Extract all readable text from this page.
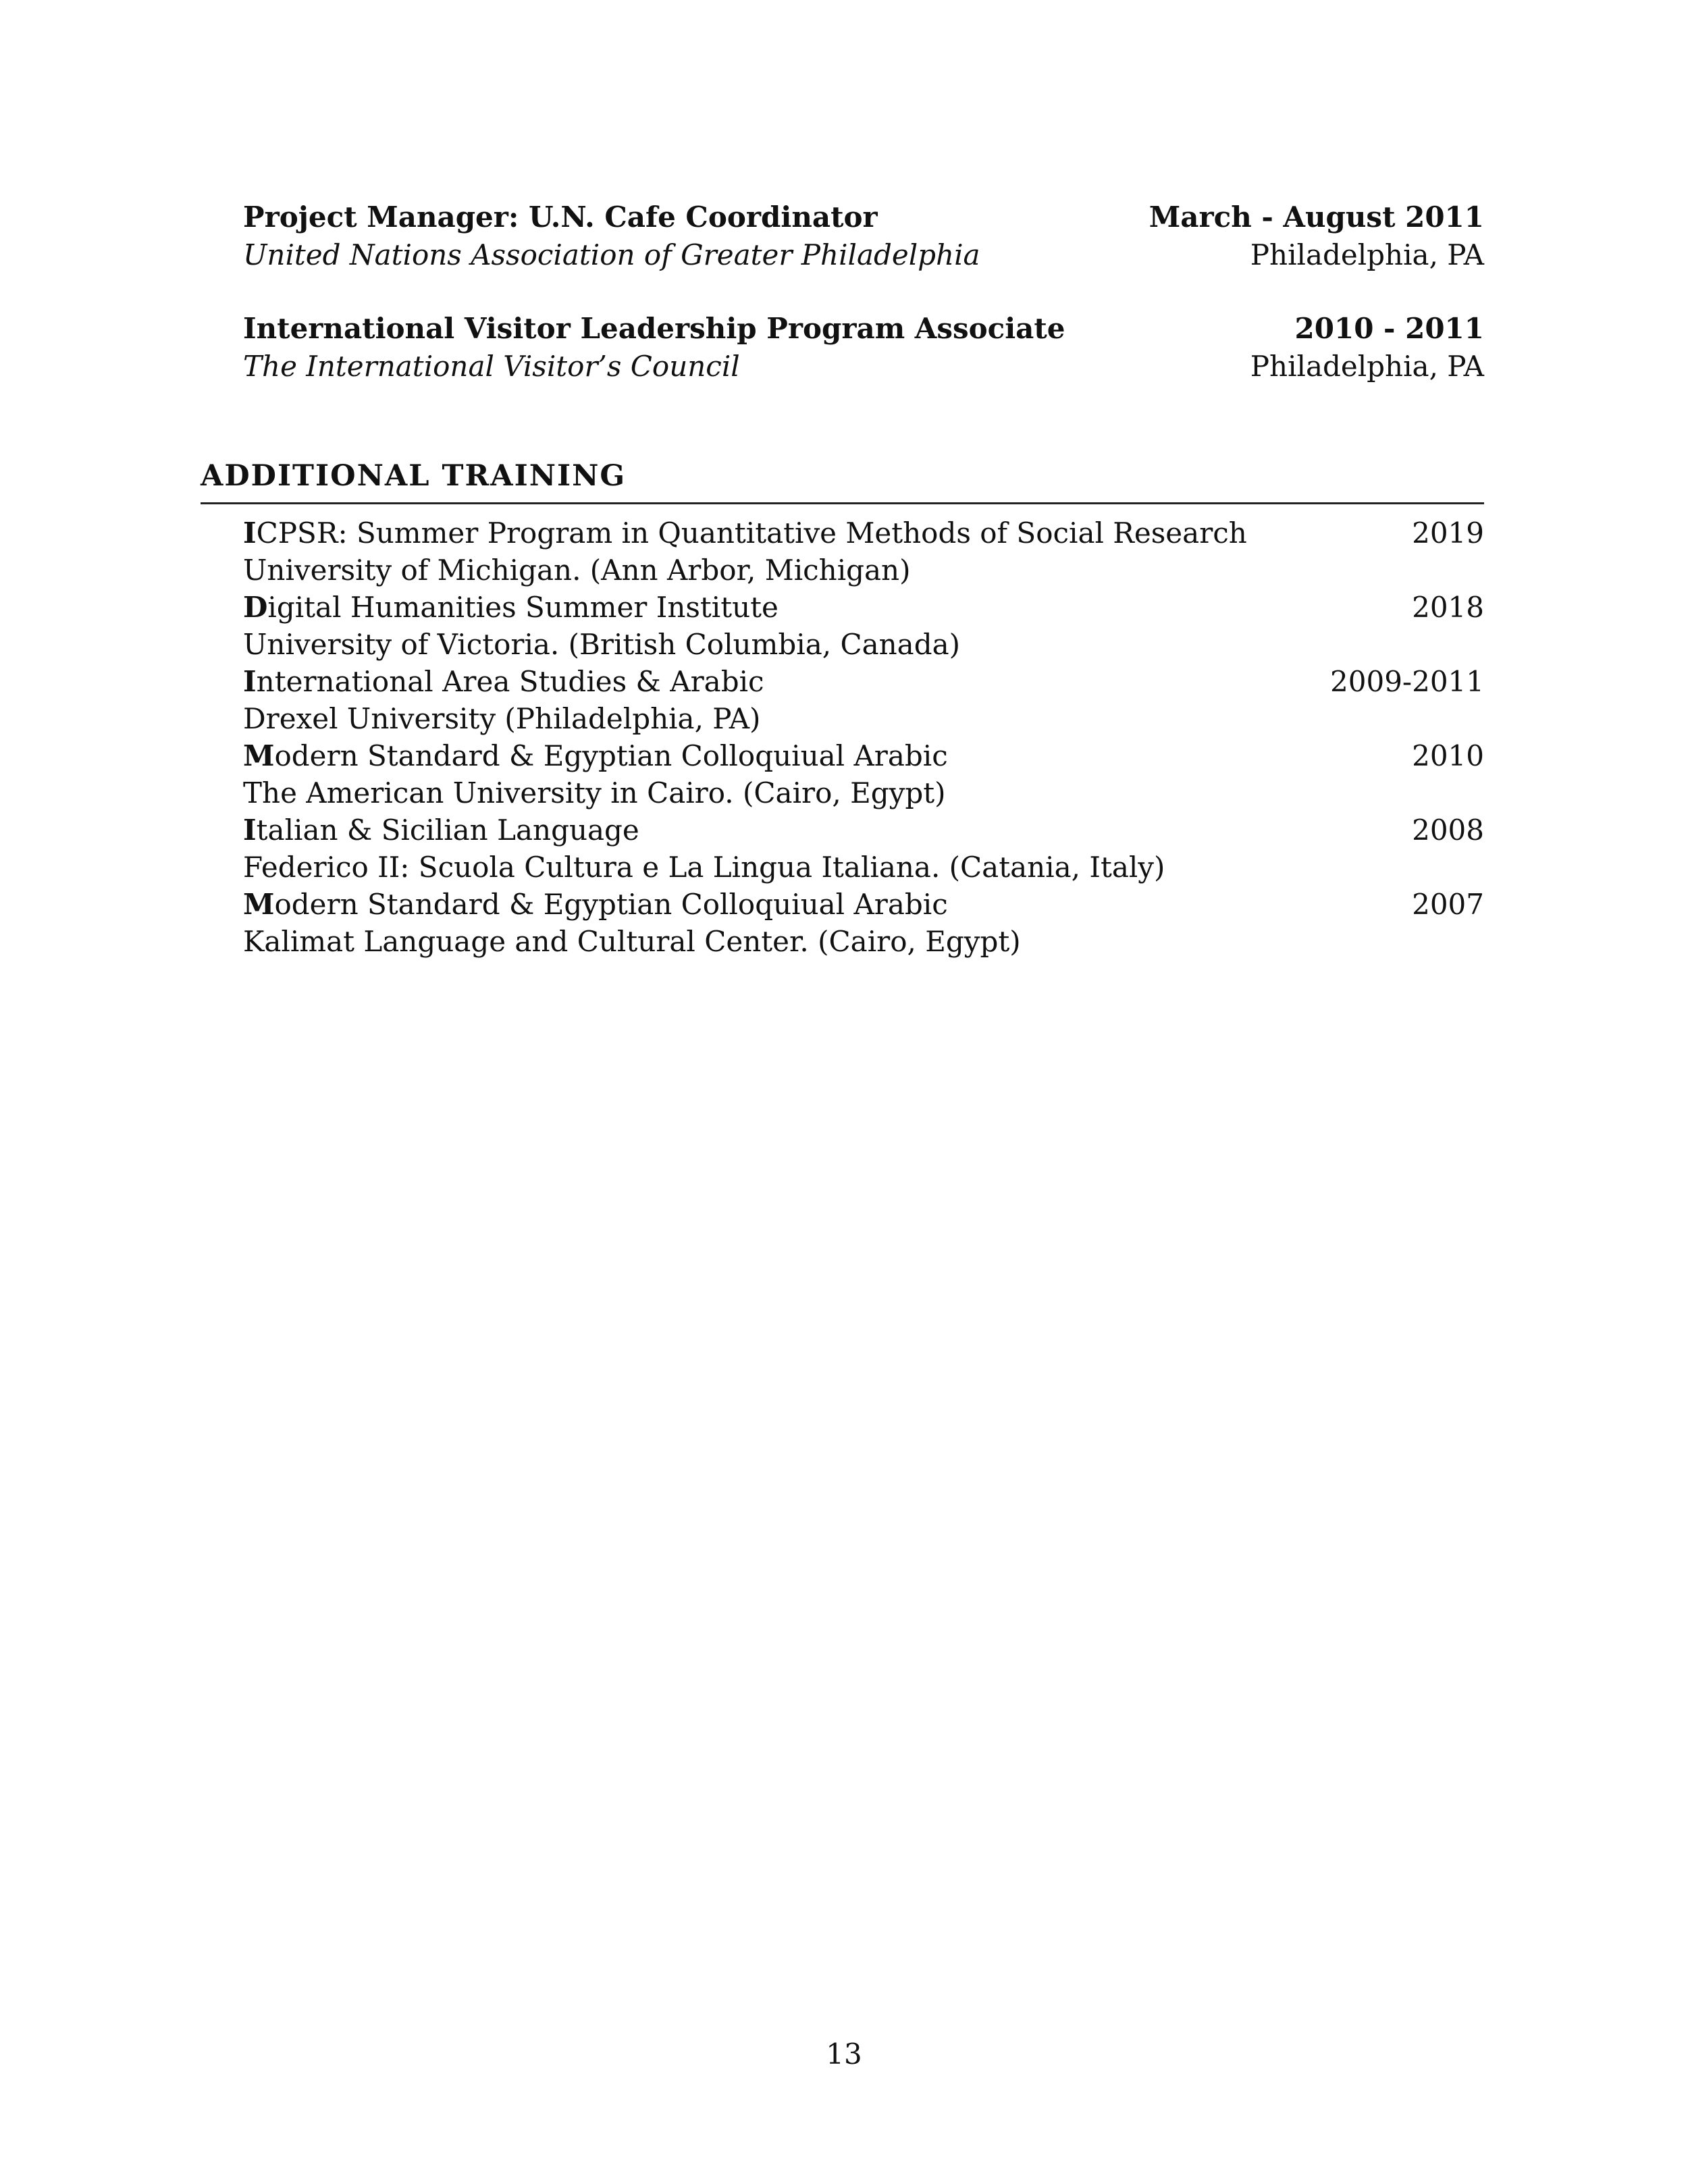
Project Manager: U.N. Cafe Coordinator	March - August 2011
United Nations Association of Greater Philadelphia	Philadelphia, PA
International Visitor Leadership Program Associate	2010 - 2011
The International Visitor’s Council	Philadelphia, PA
ADDITIONAL TRAINING
ICPSR: Summer Program in Quantitative Methods of Social Research	2019
University of Michigan. (Ann Arbor, Michigan)
Digital Humanities Summer Institute	2018
University of Victoria. (British Columbia, Canada)
International Area Studies & Arabic	2009-2011
Drexel University (Philadelphia, PA)
Modern Standard & Egyptian Colloquiual Arabic	2010
The American University in Cairo. (Cairo, Egypt)
Italian & Sicilian Language	2008
Federico II: Scuola Cultura e La Lingua Italiana. (Catania, Italy)
Modern Standard & Egyptian Colloquiual Arabic	2007
Kalimat Language and Cultural Center. (Cairo, Egypt)
13
